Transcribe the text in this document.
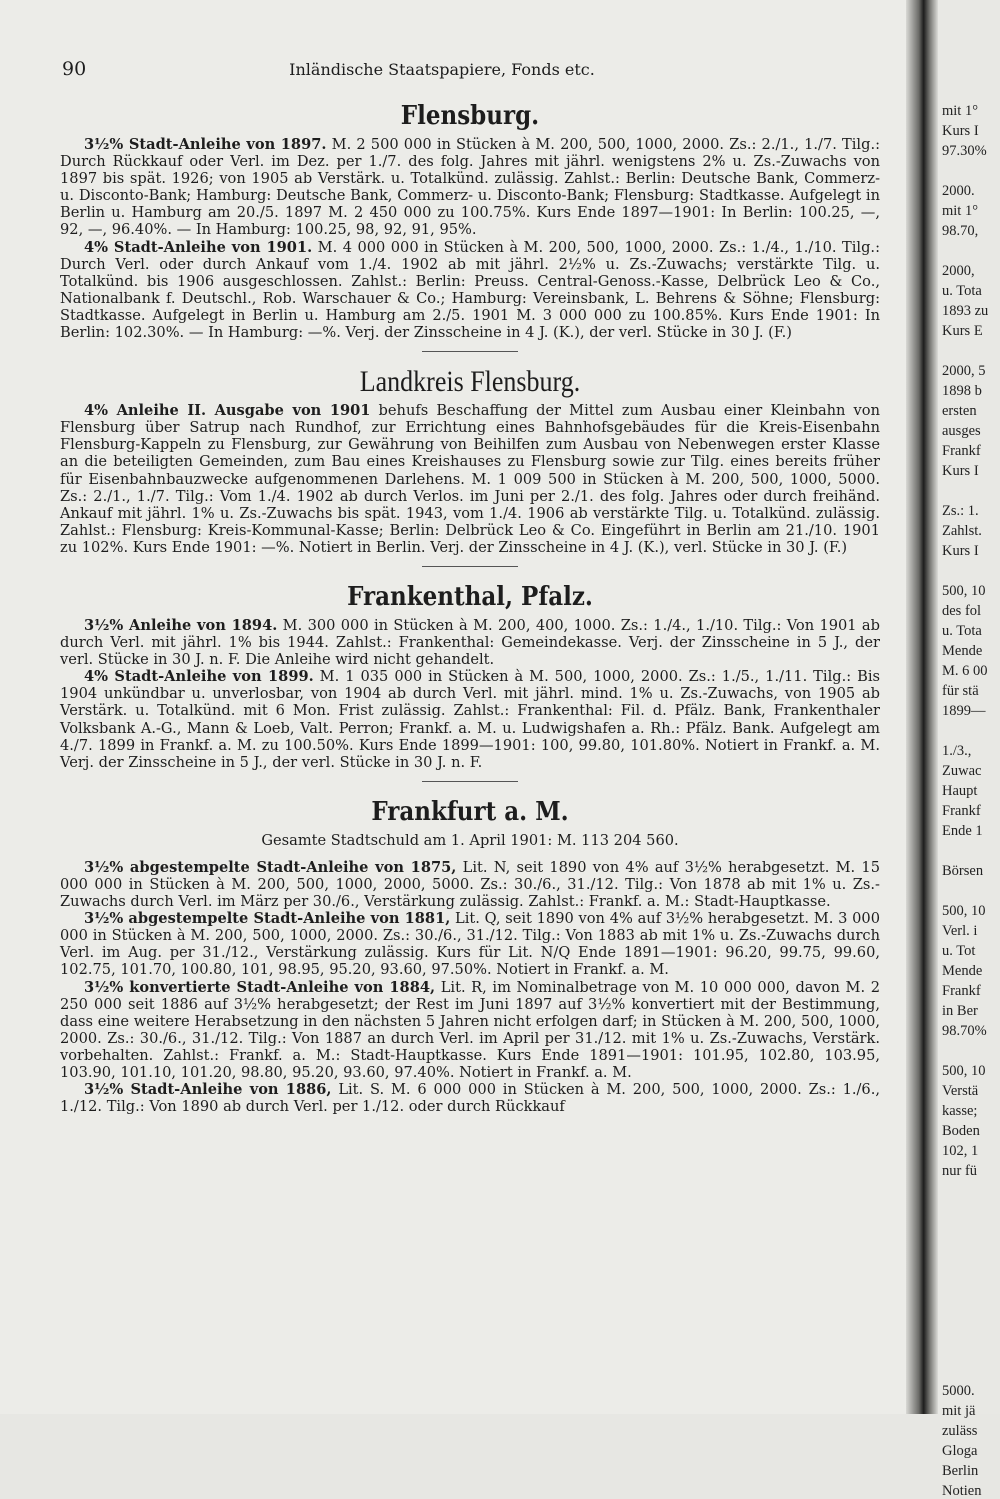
90	Inländische Staatspapiere, Fonds etc.
Flensburg.

3½% Stadt-Anleihe von 1897. M. 2 500 000 in Stücken à M. 200, 500, 1000, 2000. Zs.: 2./1., 1./7. Tilg.: Durch Rückkauf oder Verl. im Dez. per 1./7. des folg. Jahres mit jährl. wenigstens 2% u. Zs.-Zuwachs von 1897 bis spät. 1926; von 1905 ab Verstärk. u. Totalkünd. zulässig. Zahlst.: Berlin: Deutsche Bank, Commerz- u. Disconto-Bank; Hamburg: Deutsche Bank, Commerz- u. Disconto-Bank; Flensburg: Stadtkasse. Aufgelegt in Berlin u. Hamburg am 20./5. 1897 M. 2 450 000 zu 100.75%. Kurs Ende 1897—1901: In Berlin: 100.25, —, 92, —, 96.40%. — In Hamburg: 100.25, 98, 92, 91, 95%.

4% Stadt-Anleihe von 1901. M. 4 000 000 in Stücken à M. 200, 500, 1000, 2000. Zs.: 1./4., 1./10. Tilg.: Durch Verl. oder durch Ankauf vom 1./4. 1902 ab mit jährl. 2½% u. Zs.-Zuwachs; verstärkte Tilg. u. Totalkünd. bis 1906 ausgeschlossen. Zahlst.: Berlin: Preuss. Central-Genoss.-Kasse, Delbrück Leo & Co., Nationalbank f. Deutschl., Rob. Warschauer & Co.; Hamburg: Vereinsbank, L. Behrens & Söhne; Flensburg: Stadtkasse. Aufgelegt in Berlin u. Hamburg am 2./5. 1901 M. 3 000 000 zu 100.85%. Kurs Ende 1901: In Berlin: 102.30%. — In Hamburg: —%. Verj. der Zinsscheine in 4 J. (K.), der verl. Stücke in 30 J. (F.)

Landkreis Flensburg.

4% Anleihe II. Ausgabe von 1901 behufs Beschaffung der Mittel zum Ausbau einer Kleinbahn von Flensburg über Satrup nach Rundhof, zur Errichtung eines Bahnhofsgebäudes für die Kreis-Eisenbahn Flensburg-Kappeln zu Flensburg, zur Gewährung von Beihilfen zum Ausbau von Nebenwegen erster Klasse an die beteiligten Gemeinden, zum Bau eines Kreishauses zu Flensburg sowie zur Tilg. eines bereits früher für Eisenbahnbauzwecke aufgenommenen Darlehens. M. 1 009 500 in Stücken à M. 200, 500, 1000, 5000. Zs.: 2./1., 1./7. Tilg.: Vom 1./4. 1902 ab durch Verlos. im Juni per 2./1. des folg. Jahres oder durch freihänd. Ankauf mit jährl. 1% u. Zs.-Zuwachs bis spät. 1943, vom 1./4. 1906 ab verstärkte Tilg. u. Totalkünd. zulässig. Zahlst.: Flensburg: Kreis-Kommunal-Kasse; Berlin: Delbrück Leo & Co. Eingeführt in Berlin am 21./10. 1901 zu 102%. Kurs Ende 1901: —%. Notiert in Berlin. Verj. der Zinsscheine in 4 J. (K.), verl. Stücke in 30 J. (F.)

Frankenthal, Pfalz.

3½% Anleihe von 1894. M. 300 000 in Stücken à M. 200, 400, 1000. Zs.: 1./4., 1./10. Tilg.: Von 1901 ab durch Verl. mit jährl. 1% bis 1944. Zahlst.: Frankenthal: Gemeindekasse. Verj. der Zinsscheine in 5 J., der verl. Stücke in 30 J. n. F. Die Anleihe wird nicht gehandelt.

4% Stadt-Anleihe von 1899. M. 1 035 000 in Stücken à M. 500, 1000, 2000. Zs.: 1./5., 1./11. Tilg.: Bis 1904 unkündbar u. unverlosbar, von 1904 ab durch Verl. mit jährl. mind. 1% u. Zs.-Zuwachs, von 1905 ab Verstärk. u. Totalkünd. mit 6 Mon. Frist zulässig. Zahlst.: Frankenthal: Fil. d. Pfälz. Bank, Frankenthaler Volksbank A.-G., Mann & Loeb, Valt. Perron; Frankf. a. M. u. Ludwigshafen a. Rh.: Pfälz. Bank. Aufgelegt am 4./7. 1899 in Frankf. a. M. zu 100.50%. Kurs Ende 1899—1901: 100, 99.80, 101.80%. Notiert in Frankf. a. M. Verj. der Zinsscheine in 5 J., der verl. Stücke in 30 J. n. F.

Frankfurt a. M.
Gesamte Stadtschuld am 1. April 1901: M. 113 204 560.

3½% abgestempelte Stadt-Anleihe von 1875, Lit. N, seit 1890 von 4% auf 3½% herabgesetzt. M. 15 000 000 in Stücken à M. 200, 500, 1000, 2000, 5000. Zs.: 30./6., 31./12. Tilg.: Von 1878 ab mit 1% u. Zs.-Zuwachs durch Verl. im März per 30./6., Verstärkung zulässig. Zahlst.: Frankf. a. M.: Stadt-Hauptkasse.

3½% abgestempelte Stadt-Anleihe von 1881, Lit. Q, seit 1890 von 4% auf 3½% herabgesetzt. M. 3 000 000 in Stücken à M. 200, 500, 1000, 2000. Zs.: 30./6., 31./12. Tilg.: Von 1883 ab mit 1% u. Zs.-Zuwachs durch Verl. im Aug. per 31./12., Verstärkung zulässig. Kurs für Lit. N/Q Ende 1891—1901: 96.20, 99.75, 99.60, 102.75, 101.70, 100.80, 101, 98.95, 95.20, 93.60, 97.50%. Notiert in Frankf. a. M.

3½% konvertierte Stadt-Anleihe von 1884, Lit. R, im Nominalbetrage von M. 10 000 000, davon M. 2 250 000 seit 1886 auf 3½% herabgesetzt; der Rest im Juni 1897 auf 3½% konvertiert mit der Bestimmung, dass eine weitere Herabsetzung in den nächsten 5 Jahren nicht erfolgen darf; in Stücken à M. 200, 500, 1000, 2000. Zs.: 30./6., 31./12. Tilg.: Von 1887 an durch Verl. im April per 31./12. mit 1% u. Zs.-Zuwachs, Verstärk. vorbehalten. Zahlst.: Frankf. a. M.: Stadt-Hauptkasse. Kurs Ende 1891—1901: 101.95, 102.80, 103.95, 103.90, 101.10, 101.20, 98.80, 95.20, 93.60, 97.40%. Notiert in Frankf. a. M.

3½% Stadt-Anleihe von 1886, Lit. S. M. 6 000 000 in Stücken à M. 200, 500, 1000, 2000. Zs.: 1./6., 1./12. Tilg.: Von 1890 ab durch Verl. per 1./12. oder durch Rückkauf

mit 1°
Kurs I
97.30%
2000.
mit 1°
98.70,
2000,
u. Tota
1893 zu
Kurs E
2000, 5
1898 b
ersten
ausges
Frankf
Kurs I
Zs.: 1.
Zahlst.
Kurs I
500, 10
des fol
u. Tota
Mende
M. 6 00
für stä
1899—
1./3.,
Zuwac
Haupt
Frankf
Ende 1
Börsen
500, 10
Verl. i
u. Tot
Mende
Frankf
in Ber
98.70%
500, 10
Verstä
kasse;
Boden
102, 1
nur fü
5000.
mit jä
zuläss
Gloga
Berlin
Notien
